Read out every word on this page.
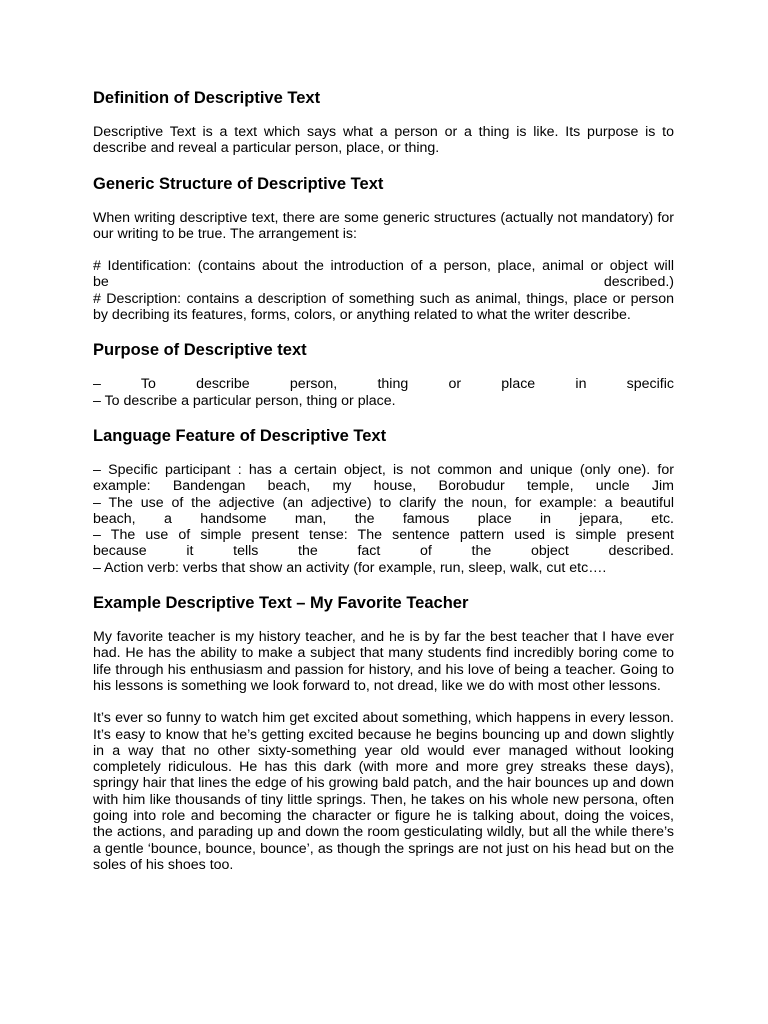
Definition of Descriptive Text

Descriptive Text is a text which says what a person or a thing is like. Its purpose is to describe and reveal a particular person, place, or thing.

Generic Structure of Descriptive Text

When writing descriptive text, there are some generic structures (actually not mandatory) for our writing to be true. The arrangement is:

# Identification: (contains about the introduction of a person, place, animal or object will
be	described.)

# Description: contains a description of something such as animal, things, place or person by decribing its features, forms, colors, or anything related to what the writer describe.

Purpose of Descriptive text
– To describe person, thing or place in specific
– To describe a particular person, thing or place.
Language Feature of Descriptive Text
– Specific participant : has a certain object, is not common and unique (only one). for
example: Bandengan beach, my house, Borobudur temple, uncle Jim
– The use of the adjective (an adjective) to clarify the noun, for example: a beautiful
beach, a handsome man, the famous place in jepara, etc.
– The use of simple present tense: The sentence pattern used is simple present
because it tells the fact of the object described.
– Action verb: verbs that show an activity (for example, run, sleep, walk, cut etc….
Example Descriptive Text – My Favorite Teacher

My favorite teacher is my history teacher, and he is by far the best teacher that I have ever had. He has the ability to make a subject that many students find incredibly boring come to life through his enthusiasm and passion for history, and his love of being a teacher. Going to his lessons is something we look forward to, not dread, like we do with most other lessons.

It’s ever so funny to watch him get excited about something, which happens in every lesson. It’s easy to know that he’s getting excited because he begins bouncing up and down slightly in a way that no other sixty-something year old would ever managed without looking completely ridiculous. He has this dark (with more and more grey streaks these days), springy hair that lines the edge of his growing bald patch, and the hair bounces up and down with him like thousands of tiny little springs. Then, he takes on his whole new persona, often going into role and becoming the character or figure he is talking about, doing the voices, the actions, and parading up and down the room gesticulating wildly, but all the while there’s a gentle ‘bounce, bounce, bounce’, as though the springs are not just on his head but on the soles of his shoes too.
